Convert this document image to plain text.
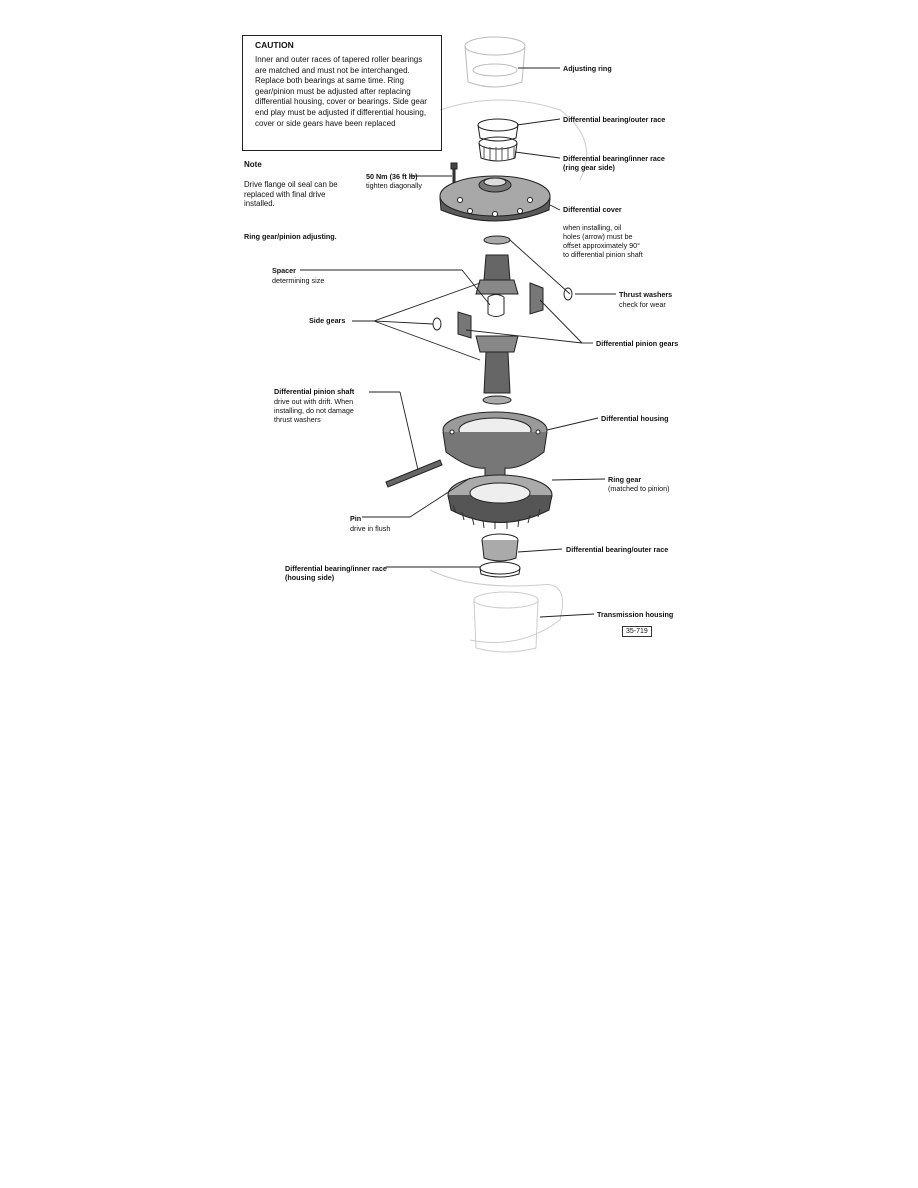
CAUTION
Inner and outer races of tapered roller bearings are matched and must not be interchanged. Replace both bearings at same time. Ring gear/pinion must be adjusted after replacing differential housing, cover or bearings. Side gear end play must be adjusted if differential housing, cover or side gears have been replaced
Note
Drive flange oil seal can be replaced with final drive installed.
Ring gear/pinion adjusting.
Adjusting ring
Differential bearing/outer race
Differential bearing/inner race
(ring gear side)
50 Nm (36 ft lb)
tighten diagonally
Differential cover
when installing, oil
holes (arrow) must be
offset approximately 90°
to differential pinion shaft
Spacer
determining size
Thrust washers
check for wear
Side gears
Differential pinion gears
Differential pinion shaft
drive out with drift. When
installing, do not damage
thrust washers	Differential housing
Ring gear
(matched to pinion)
Pin
drive in flush
Differential bearing/outer race
Differential bearing/inner race
(housing side)
Transmission housing
35-719
